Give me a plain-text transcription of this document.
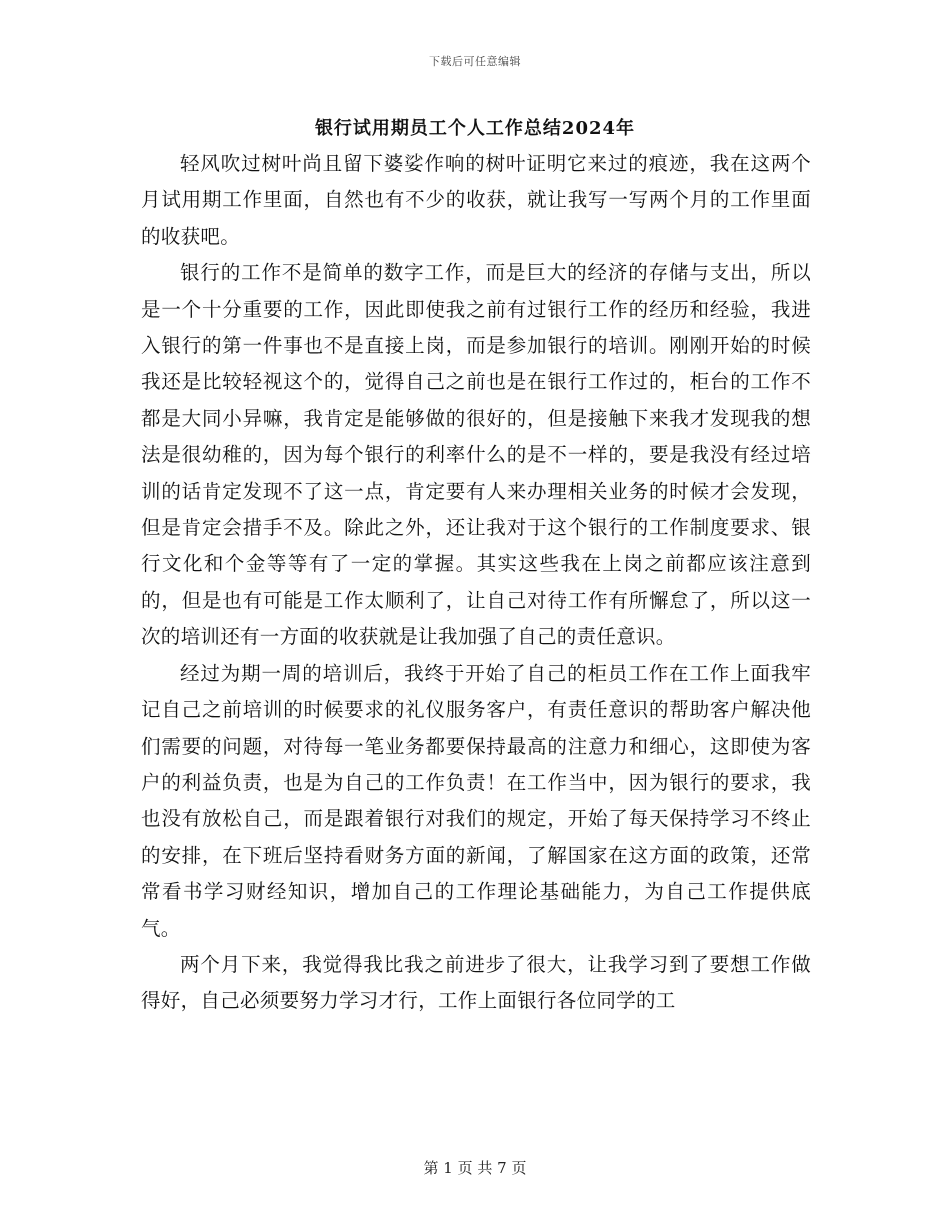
下载后可任意编辑
银行试用期员工个人工作总结2024年

轻风吹过树叶尚且留下婆娑作响的树叶证明它来过的痕迹，我在这两个月试用期工作里面，自然也有不少的收获，就让我写一写两个月的工作里面的收获吧。

银行的工作不是简单的数字工作，而是巨大的经济的存储与支出，所以是一个十分重要的工作，因此即使我之前有过银行工作的经历和经验，我进入银行的第一件事也不是直接上岗，而是参加银行的培训。刚刚开始的时候我还是比较轻视这个的，觉得自己之前也是在银行工作过的，柜台的工作不都是大同小异嘛，我肯定是能够做的很好的，但是接触下来我才发现我的想法是很幼稚的，因为每个银行的利率什么的是不一样的，要是我没有经过培训的话肯定发现不了这一点，肯定要有人来办理相关业务的时候才会发现，但是肯定会措手不及。除此之外，还让我对于这个银行的工作制度要求、银行文化和个金等等有了一定的掌握。其实这些我在上岗之前都应该注意到的，但是也有可能是工作太顺利了，让自己对待工作有所懈怠了，所以这一次的培训还有一方面的收获就是让我加强了自己的责任意识。

经过为期一周的培训后，我终于开始了自己的柜员工作在工作上面我牢记自己之前培训的时候要求的礼仪服务客户，有责任意识的帮助客户解决他们需要的问题，对待每一笔业务都要保持最高的注意力和细心，这即使为客户的利益负责，也是为自己的工作负责！在工作当中，因为银行的要求，我也没有放松自己，而是跟着银行对我们的规定，开始了每天保持学习不终止的安排，在下班后坚持看财务方面的新闻，了解国家在这方面的政策，还常常看书学习财经知识，增加自己的工作理论基础能力，为自己工作提供底气。

两个月下来，我觉得我比我之前进步了很大，让我学习到了要想工作做得好，自己必须要努力学习才行，工作上面银行各位同学的工

第 1 页 共 7 页
